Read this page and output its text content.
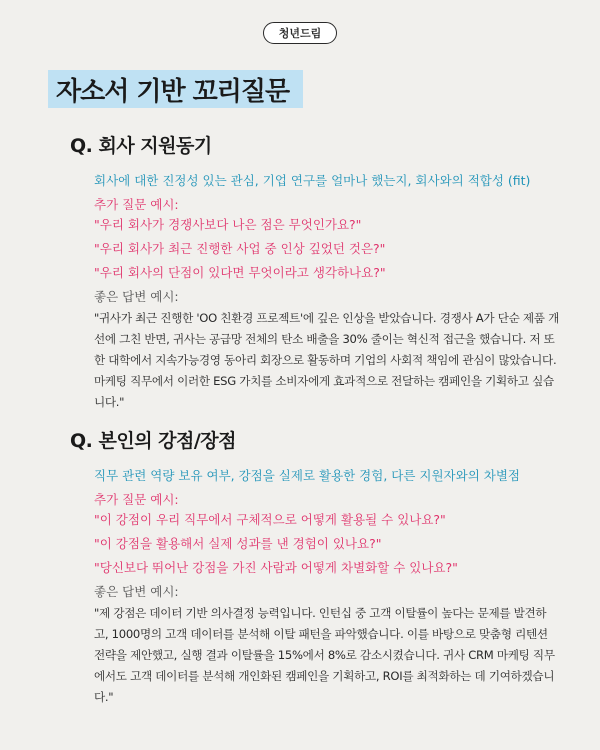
청년드림
자소서 기반 꼬리질문
Q. 회사 지원동기

회사에 대한 진정성 있는 관심, 기업 연구를 얼마나 했는지, 회사와의 적합성 (fit)

추가 질문 예시:

"우리 회사가 경쟁사보다 나은 점은 무엇인가요?"
"우리 회사가 최근 진행한 사업 중 인상 깊었던 것은?"
"우리 회사의 단점이 있다면 무엇이라고 생각하나요?"

좋은 답변 예시:

"귀사가 최근 진행한 'OO 친환경 프로젝트'에 깊은 인상을 받았습니다. 경쟁사 A가 단순 제품 개선에 그친 반면, 귀사는 공급망 전체의 탄소 배출을 30% 줄이는 혁신적 접근을 했습니다. 저 또한 대학에서 지속가능경영 동아리 회장으로 활동하며 기업의 사회적 책임에 관심이 많았습니다. 마케팅 직무에서 이러한 ESG 가치를 소비자에게 효과적으로 전달하는 캠페인을 기획하고 싶습니다."

Q. 본인의 강점/장점

직무 관련 역량 보유 여부, 강점을 실제로 활용한 경험, 다른 지원자와의 차별점

추가 질문 예시:

"이 강점이 우리 직무에서 구체적으로 어떻게 활용될 수 있나요?"
"이 강점을 활용해서 실제 성과를 낸 경험이 있나요?"
"당신보다 뛰어난 강점을 가진 사람과 어떻게 차별화할 수 있나요?"

좋은 답변 예시:

"제 강점은 데이터 기반 의사결정 능력입니다. 인턴십 중 고객 이탈률이 높다는 문제를 발견하고, 1000명의 고객 데이터를 분석해 이탈 패턴을 파악했습니다. 이를 바탕으로 맞춤형 리텐션 전략을 제안했고, 실행 결과 이탈률을 15%에서 8%로 감소시켰습니다. 귀사 CRM 마케팅 직무에서도 고객 데이터를 분석해 개인화된 캠페인을 기획하고, ROI를 최적화하는 데 기여하겠습니다."
